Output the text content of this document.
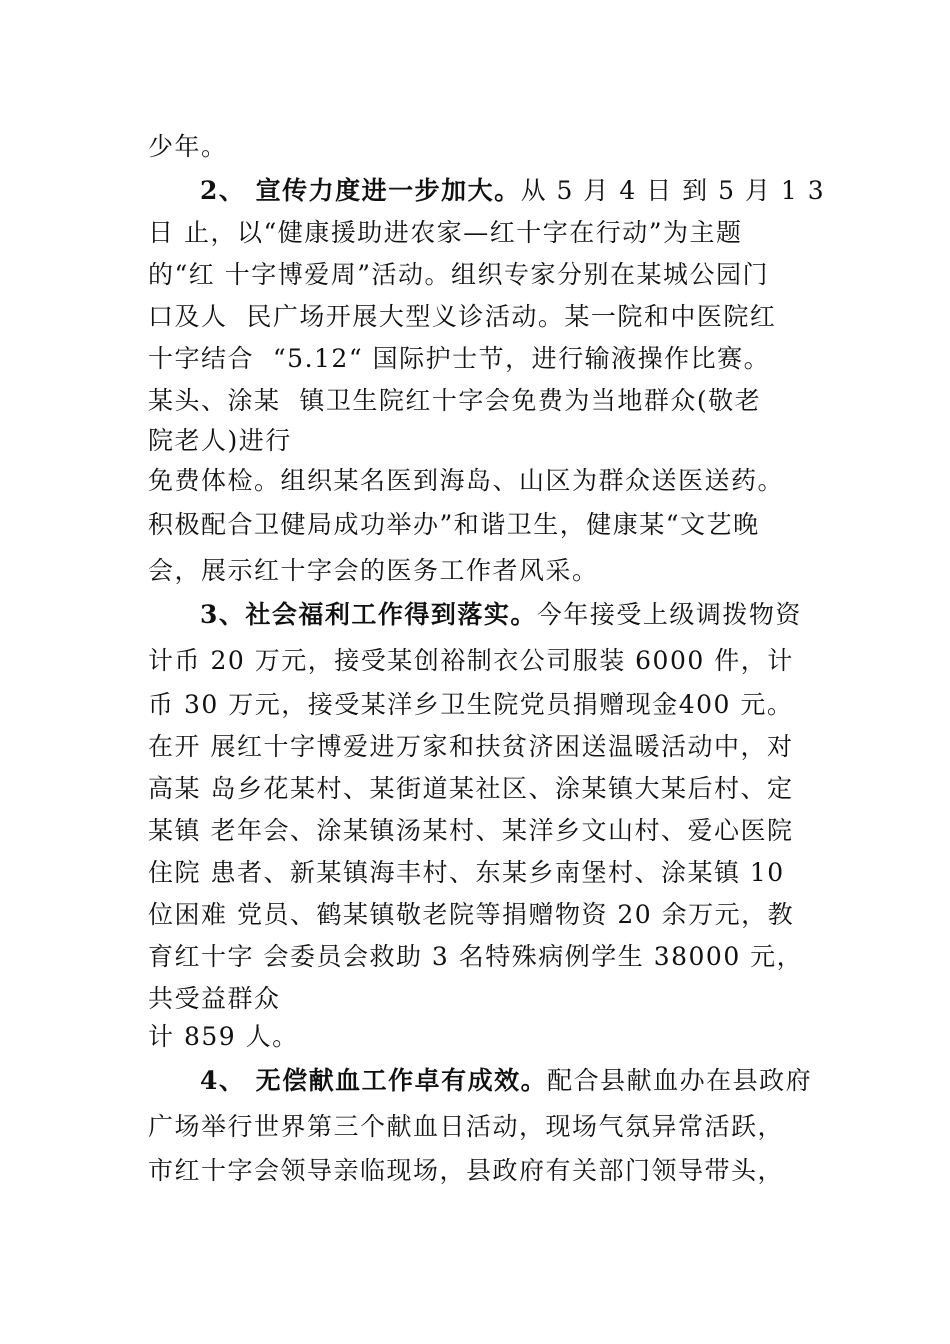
少年。
2、 宣传力度进一步加大。从 5 月 4 日 到 5 月 1 3
日 止，以“健康援助进农家—红十字在行动”为主题
的“红 十字博爱周”活动。组织专家分别在某城公园门
口及人  民广场开展大型义诊活动。某一院和中医院红
十字结合  “5.12“ 国际护士节，进行输液操作比赛。
某头、涂某  镇卫生院红十字会免费为当地群众(敬老
院老人)进行
免费体检。组织某名医到海岛、山区为群众送医送药。
积极配合卫健局成功举办”和谐卫生，健康某“文艺晚
会，展示红十字会的医务工作者风采。
3、社会福利工作得到落实。今年接受上级调拨物资
计币 20 万元，接受某创裕制衣公司服装 6000 件，计
币 30 万元，接受某洋乡卫生院党员捐赠现金400 元。
在开 展红十字博爱进万家和扶贫济困送温暖活动中，对
高某 岛乡花某村、某街道某社区、涂某镇大某后村、定
某镇 老年会、涂某镇汤某村、某洋乡文山村、爱心医院
住院 患者、新某镇海丰村、东某乡南堡村、涂某镇 10
位困难 党员、鹤某镇敬老院等捐赠物资 20 余万元，教
育红十字 会委员会救助 3 名特殊病例学生 38000 元，
共受益群众
计 859 人。
4、 无偿献血工作卓有成效。配合县献血办在县政府
广场举行世界第三个献血日活动，现场气氛异常活跃，
市红十字会领导亲临现场，县政府有关部门领导带头，
